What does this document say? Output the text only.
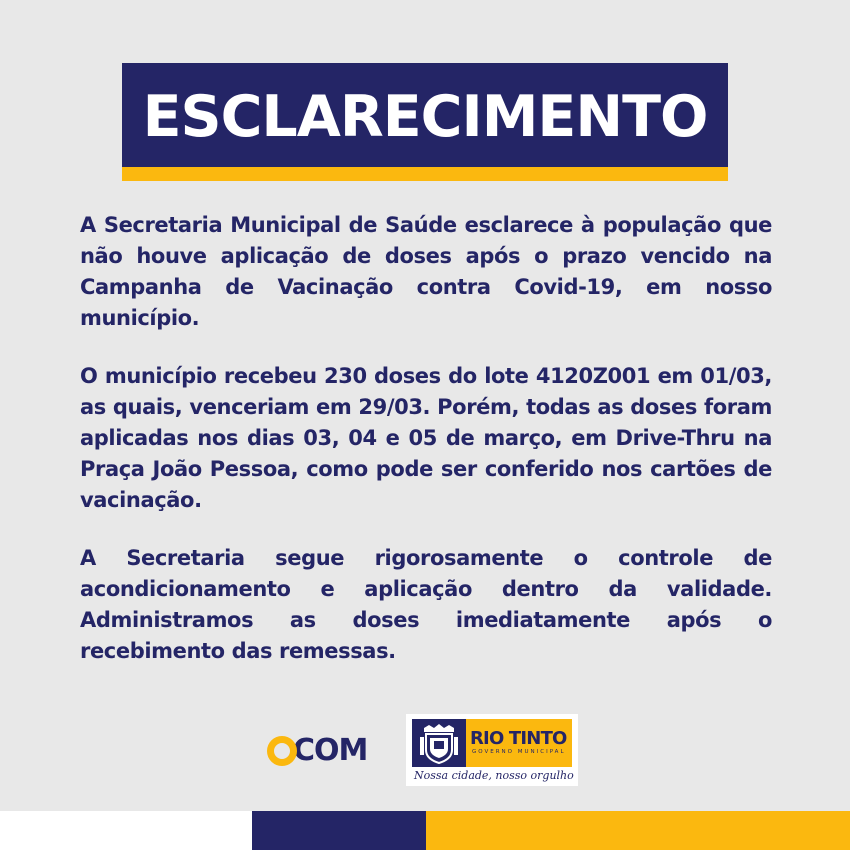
ESCLARECIMENTO

A Secretaria Municipal de Saúde esclarece à população que não houve aplicação de doses após o prazo vencido na Campanha de Vacinação contra Covid-19, em nosso município.

O município recebeu 230 doses do lote 4120Z001 em 01/03, as quais, venceriam em 29/03. Porém, todas as doses foram aplicadas nos dias 03, 04 e 05 de março, em Drive-Thru na Praça João Pessoa, como pode ser conferido nos cartões de vacinação.

A Secretaria segue rigorosamente o controle de acondicionamento e aplicação dentro da validade. Administramos as doses imediatamente após o recebimento das remessas.

COM	RIO TINTO
GOVERNO MUNICIPAL
Nossa cidade, nosso orgulho
